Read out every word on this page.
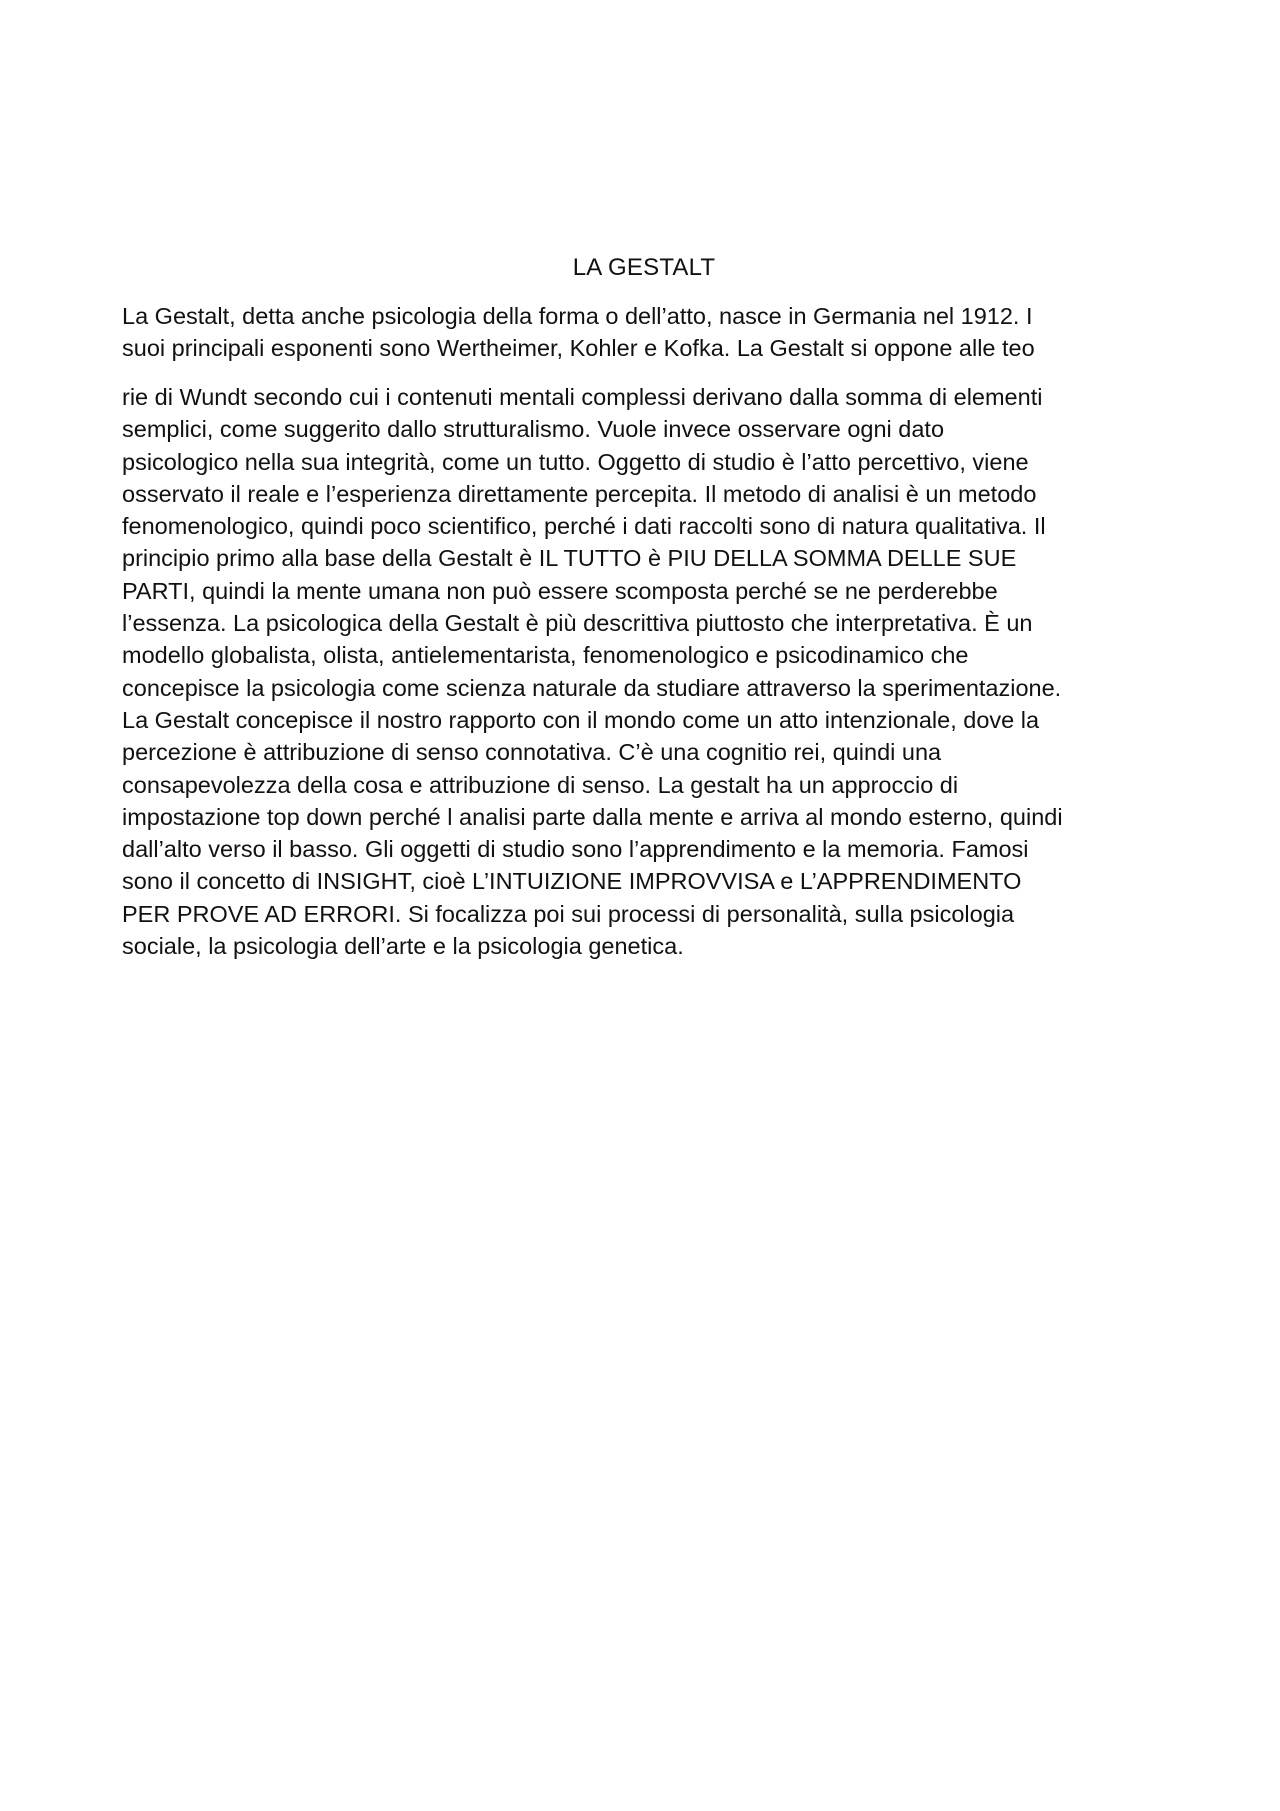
LA GESTALT

La Gestalt, detta anche psicologia della forma o dell’atto, nasce in Germania nel 1912. I
suoi principali esponenti sono Wertheimer, Kohler e Kofka. La Gestalt si oppone alle teo

rie di Wundt secondo cui i contenuti mentali complessi derivano dalla somma di elementi
semplici, come suggerito dallo strutturalismo. Vuole invece osservare ogni dato
psicologico nella sua integrità, come un tutto. Oggetto di studio è l’atto percettivo, viene
osservato il reale e l’esperienza direttamente percepita. Il metodo di analisi è un metodo
fenomenologico, quindi poco scientifico, perché i dati raccolti sono di natura qualitativa. Il
principio primo alla base della Gestalt è IL TUTTO è PIU DELLA SOMMA DELLE SUE
PARTI, quindi la mente umana non può essere scomposta perché se ne perderebbe
l’essenza. La psicologica della Gestalt è più descrittiva piuttosto che interpretativa. È un
modello globalista, olista, antielementarista, fenomenologico e psicodinamico che
concepisce la psicologia come scienza naturale da studiare attraverso la sperimentazione.
La Gestalt concepisce il nostro rapporto con il mondo come un atto intenzionale, dove la
percezione è attribuzione di senso connotativa. C’è una cognitio rei, quindi una
consapevolezza della cosa e attribuzione di senso. La gestalt ha un approccio di
impostazione top down perché l analisi parte dalla mente e arriva al mondo esterno, quindi
dall’alto verso il basso. Gli oggetti di studio sono l’apprendimento e la memoria. Famosi
sono il concetto di INSIGHT, cioè L’INTUIZIONE IMPROVVISA e L’APPRENDIMENTO
PER PROVE AD ERRORI. Si focalizza poi sui processi di personalità, sulla psicologia
sociale, la psicologia dell’arte e la psicologia genetica.
